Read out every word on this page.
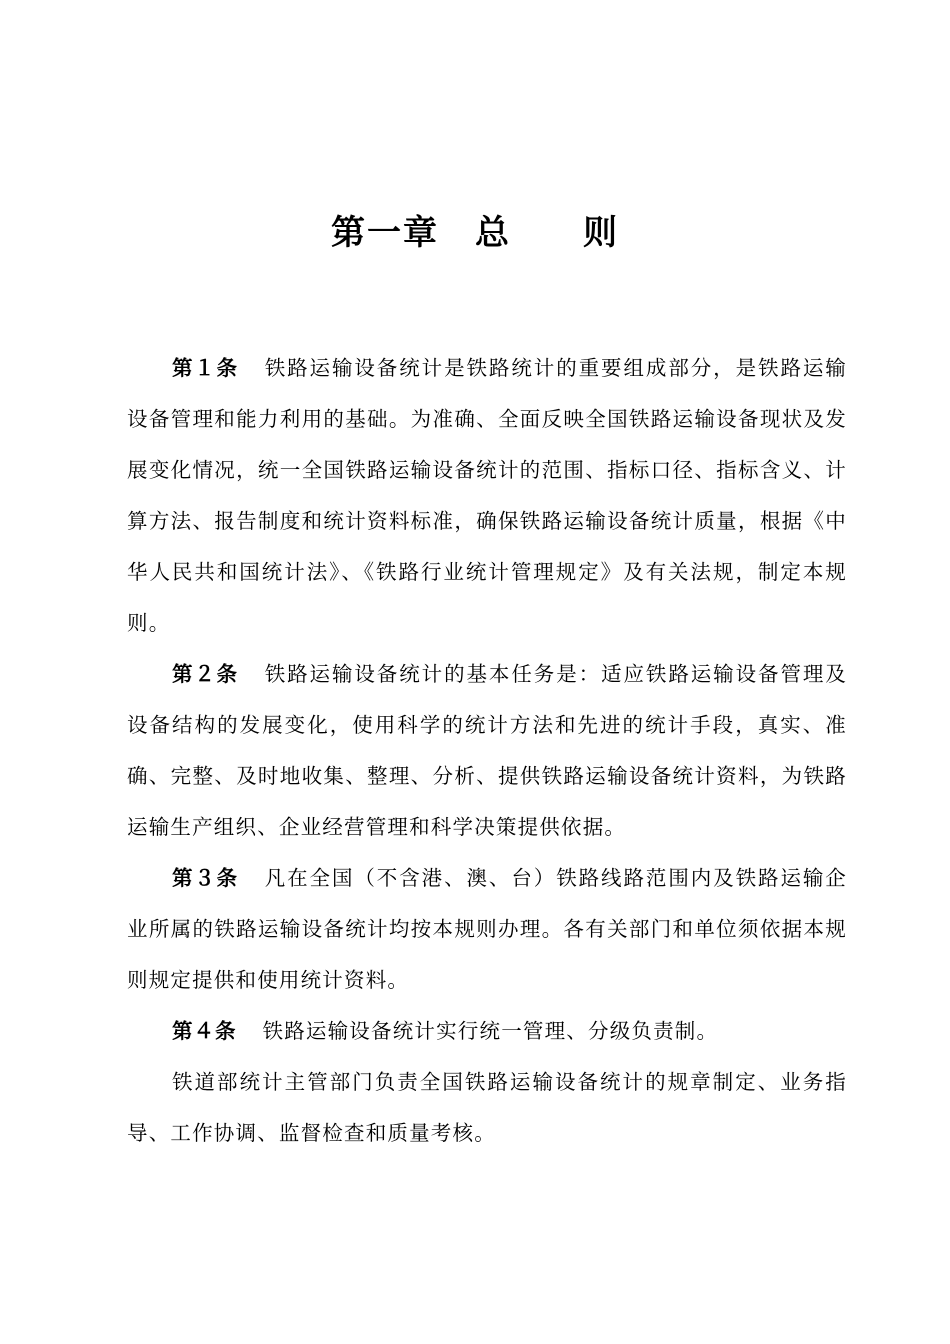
第一章　总　　则

第１条 铁路运输设备统计是铁路统计的重要组成部分，是铁路运输设备管理和能力利用的基础。为准确、全面反映全国铁路运输设备现状及发展变化情况，统一全国铁路运输设备统计的范围、指标口径、指标含义、计算方法、报告制度和统计资料标准，确保铁路运输设备统计质量，根据《中华人民共和国统计法》、《铁路行业统计管理规定》及有关法规，制定本规则。

第２条 铁路运输设备统计的基本任务是：适应铁路运输设备管理及设备结构的发展变化，使用科学的统计方法和先进的统计手段，真实、准确、完整、及时地收集、整理、分析、提供铁路运输设备统计资料，为铁路运输生产组织、企业经营管理和科学决策提供依据。

第３条 凡在全国（不含港、澳、台）铁路线路范围内及铁路运输企业所属的铁路运输设备统计均按本规则办理。各有关部门和单位须依据本规则规定提供和使用统计资料。

第４条 铁路运输设备统计实行统一管理、分级负责制。

铁道部统计主管部门负责全国铁路运输设备统计的规章制定、业务指导、工作协调、监督检查和质量考核。
